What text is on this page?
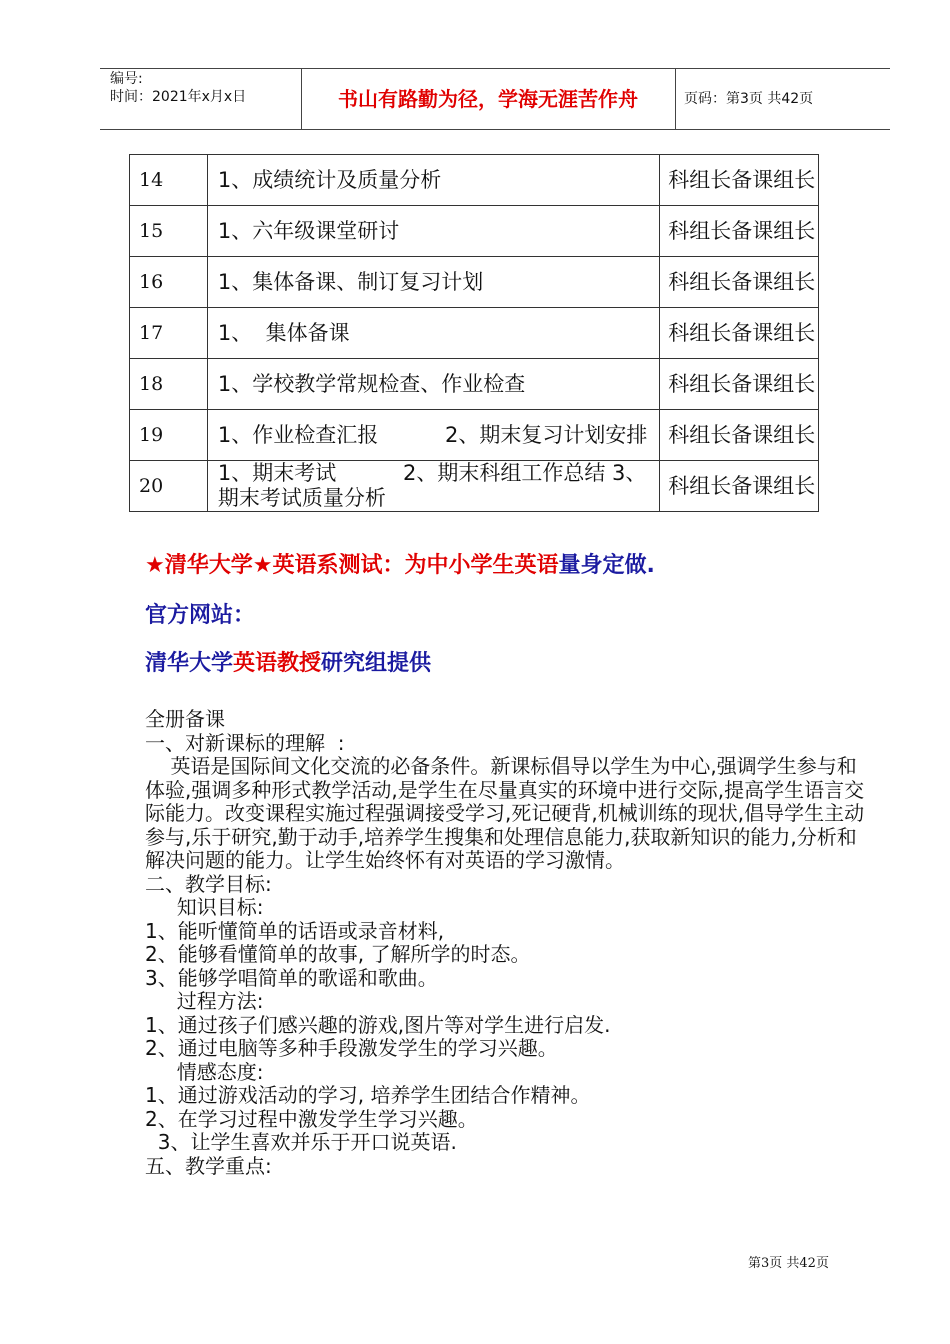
编号:
时间：2021年x月x日	书山有路勤为径，学海无涯苦作舟	页码：第3页 共42页
14	1、成绩统计及质量分析	科组长备课组长
15	1、六年级课堂研讨	科组长备课组长
16	1、集体备课、制订复习计划	科组长备课组长
17	1、  集体备课	科组长备课组长
18	1、学校教学常规检查、作业检查	科组长备课组长
19	1、作业检查汇报          2、期末复习计划安排	科组长备课组长
20	1、期末考试          2、期末科组工作总结 3、期末考试质量分析	科组长备课组长
★清华大学★英语系测试：为中小学生英语量身定做.
官方网站：
清华大学英语教授研究组提供

全册备课

一、对新课标的理解  :

英语是国际间文化交流的必备条件。新课标倡导以学生为中心,强调学生参与和体验,强调多种形式教学活动,是学生在尽量真实的环境中进行交际,提高学生语言交际能力。改变课程实施过程强调接受学习,死记硬背,机械训练的现状,倡导学生主动参与,乐于研究,勤于动手,培养学生搜集和处理信息能力,获取新知识的能力,分析和解决问题的能力。让学生始终怀有对英语的学习激情。

二、教学目标:

知识目标:

1、能听懂简单的话语或录音材料,

2、能够看懂简单的故事, 了解所学的时态。

3、能够学唱简单的歌谣和歌曲。

过程方法:

1、通过孩子们感兴趣的游戏,图片等对学生进行启发.

2、通过电脑等多种手段激发学生的学习兴趣。

情感态度:

1、通过游戏活动的学习, 培养学生团结合作精神。

2、在学习过程中激发学生学习兴趣。

3、让学生喜欢并乐于开口说英语.

五、教学重点:

第3页 共42页
